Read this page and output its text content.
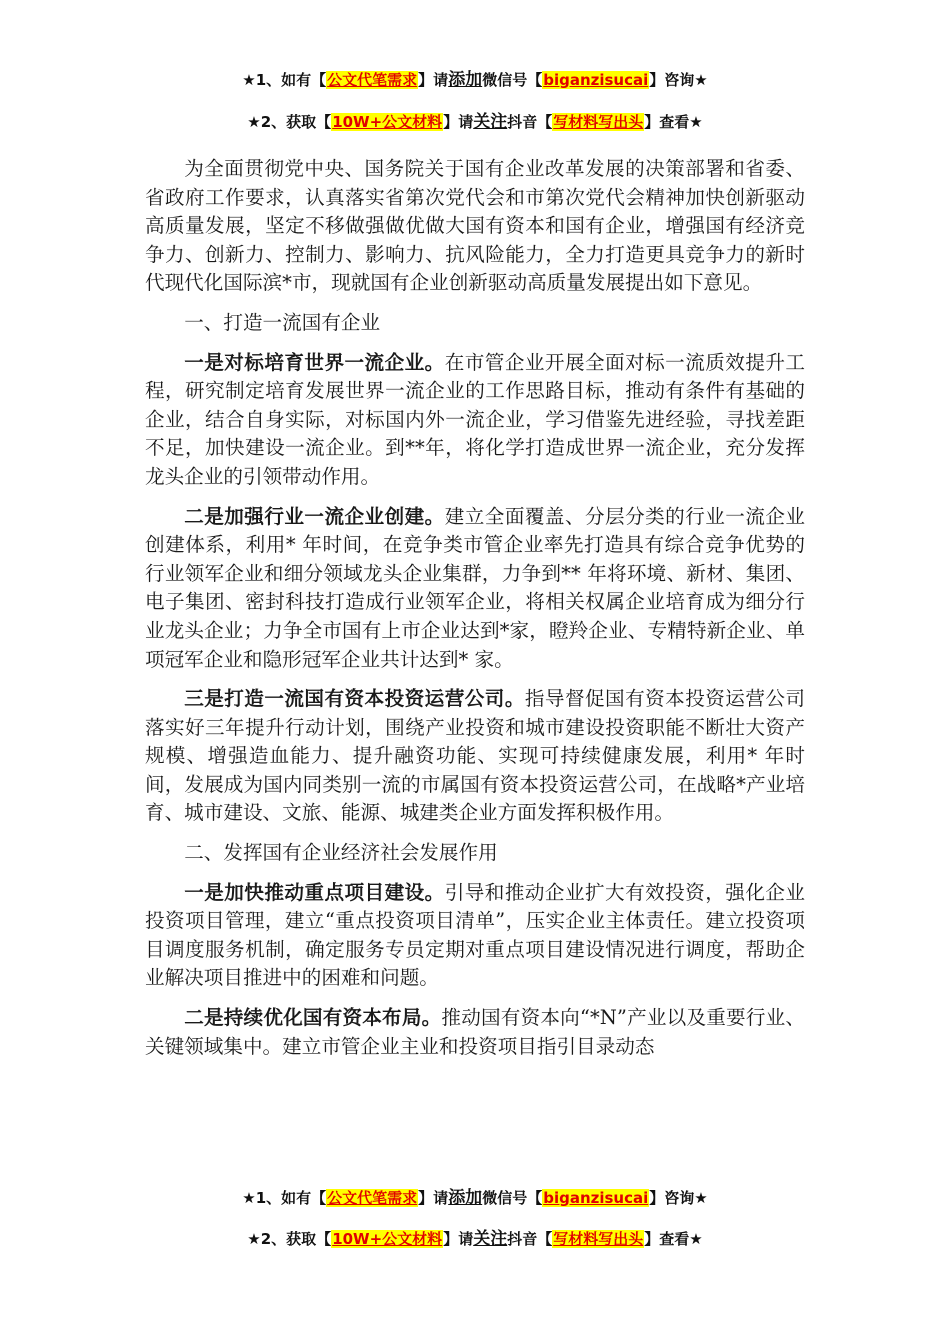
★1、如有【公文代笔需求】请添加微信号【biganzisucai】咨询★
★2、获取【10W+公文材料】请关注抖音【写材料写出头】查看★

为全面贯彻党中央、国务院关于国有企业改革发展的决策部署和省委、省政府工作要求，认真落实省第次党代会和市第次党代会精神加快创新驱动高质量发展，坚定不移做强做优做大国有资本和国有企业，增强国有经济竞争力、创新力、控制力、影响力、抗风险能力，全力打造更具竞争力的新时代现代化国际滨*市，现就国有企业创新驱动高质量发展提出如下意见。

一、打造一流国有企业

一是对标培育世界一流企业。在市管企业开展全面对标一流质效提升工程，研究制定培育发展世界一流企业的工作思路目标，推动有条件有基础的企业，结合自身实际，对标国内外一流企业，学习借鉴先进经验，寻找差距不足，加快建设一流企业。到**年，将化学打造成世界一流企业，充分发挥龙头企业的引领带动作用。

二是加强行业一流企业创建。建立全面覆盖、分层分类的行业一流企业创建体系，利用* 年时间，在竞争类市管企业率先打造具有综合竞争优势的行业领军企业和细分领域龙头企业集群，力争到** 年将环境、新材、集团、电子集团、密封科技打造成行业领军企业，将相关权属企业培育成为细分行业龙头企业；力争全市国有上市企业达到*家，瞪羚企业、专精特新企业、单项冠军企业和隐形冠军企业共计达到* 家。

三是打造一流国有资本投资运营公司。指导督促国有资本投资运营公司落实好三年提升行动计划，围绕产业投资和城市建设投资职能不断壮大资产规模、增强造血能力、提升融资功能、实现可持续健康发展，利用* 年时间，发展成为国内同类别一流的市属国有资本投资运营公司，在战略*产业培育、城市建设、文旅、能源、城建类企业方面发挥积极作用。

二、发挥国有企业经济社会发展作用

一是加快推动重点项目建设。引导和推动企业扩大有效投资，强化企业投资项目管理，建立“重点投资项目清单”，压实企业主体责任。建立投资项目调度服务机制，确定服务专员定期对重点项目建设情况进行调度，帮助企业解决项目推进中的困难和问题。

二是持续优化国有资本布局。推动国有资本向“*N”产业以及重要行业、关键领域集中。建立市管企业主业和投资项目指引目录动态

★1、如有【公文代笔需求】请添加微信号【biganzisucai】咨询★
★2、获取【10W+公文材料】请关注抖音【写材料写出头】查看★
